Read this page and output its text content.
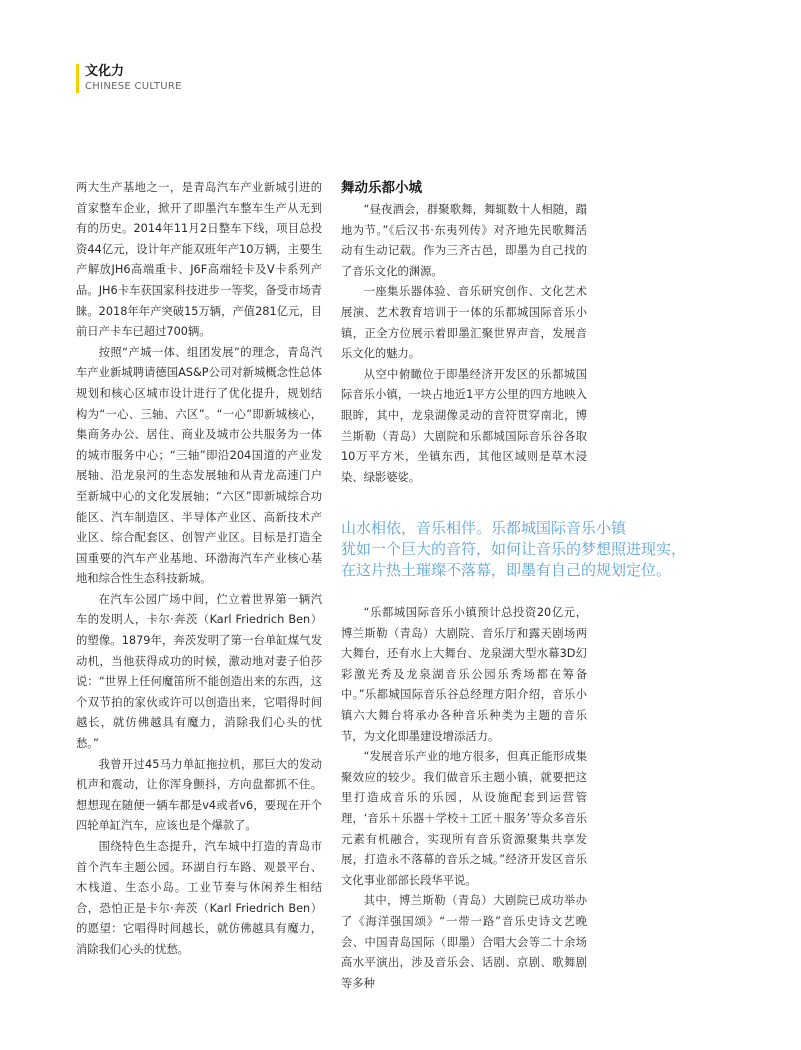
文化力
CHINESE CULTURE

两大生产基地之一，是青岛汽车产业新城引进的首家整车企业，掀开了即墨汽车整车生产从无到有的历史。2014年11月2日整车下线，项目总投资44亿元，设计年产能双班年产10万辆，主要生产解放JH6高端重卡、J6F高端轻卡及V卡系列产品。JH6卡车获国家科技进步一等奖，备受市场青睐。2018年年产突破15万辆，产值281亿元，目前日产卡车已超过700辆。

按照“产城一体、组团发展”的理念，青岛汽车产业新城聘请德国AS&P公司对新城概念性总体规划和核心区城市设计进行了优化提升，规划结构为“一心、三轴、六区”。“一心”即新城核心，集商务办公、居住、商业及城市公共服务为一体的城市服务中心；“三轴”即沿204国道的产业发展轴、沿龙泉河的生态发展轴和从青龙高速门户至新城中心的文化发展轴；“六区”即新城综合功能区、汽车制造区、半导体产业区、高新技术产业区、综合配套区、创智产业区。目标是打造全国重要的汽车产业基地、环渤海汽车产业核心基地和综合性生态科技新城。

在汽车公园广场中间，伫立着世界第一辆汽车的发明人，卡尔·奔茨（Karl Friedrich Ben）的塑像。1879年，奔茨发明了第一台单缸煤气发动机，当他获得成功的时候，激动地对妻子伯莎说：“世界上任何魔笛所不能创造出来的东西，这个双节拍的家伙或许可以创造出来，它唱得时间越长，就仿佛越具有魔力，消除我们心头的忧愁。”

我曾开过45马力单缸拖拉机，那巨大的发动机声和震动，让你浑身颤抖，方向盘都抓不住。想想现在随便一辆车都是v4或者v6，要现在开个四轮单缸汽车，应该也是个爆款了。

围绕特色生态提升，汽车城中打造的青岛市首个汽车主题公园。环湖自行车路、观景平台、木栈道、生态小岛。工业节奏与休闲养生相结合，恐怕正是卡尔·奔茨（Karl Friedrich Ben）的愿望：它唱得时间越长，就仿佛越具有魔力，消除我们心头的忧愁。

舞动乐都小城

“昼夜酒会，群聚歌舞，舞辄数十人相随，蹋地为节。”《后汉书·东夷列传》对齐地先民歌舞活动有生动记载。作为三齐古邑，即墨为自己找的了音乐文化的渊源。

一座集乐器体验、音乐研究创作、文化艺术展演、艺术教育培训于一体的乐都城国际音乐小镇，正全方位展示着即墨汇聚世界声音，发展音乐文化的魅力。

从空中俯瞰位于即墨经济开发区的乐都城国际音乐小镇，一块占地近1平方公里的四方地映入眼眸，其中，龙泉湖像灵动的音符贯穿南北，博兰斯勒（青岛）大剧院和乐都城国际音乐谷各取10万平方米，坐镇东西，其他区域则是草木浸染、绿影婆娑。

山水相依，音乐相伴。乐都城国际音乐小镇
犹如一个巨大的音符，如何让音乐的梦想照进现实，
在这片热土璀璨不落幕，即墨有自己的规划定位。

“乐都城国际音乐小镇预计总投资20亿元，博兰斯勒（青岛）大剧院、音乐厅和露天剧场两大舞台，还有水上大舞台、龙泉湖大型水幕3D幻彩激光秀及龙泉湖音乐公园乐秀场都在筹备中。”乐都城国际音乐谷总经理方阳介绍，音乐小镇六大舞台将承办各种音乐种类为主题的音乐节，为文化即墨建设增添活力。

“发展音乐产业的地方很多，但真正能形成集聚效应的较少。我们做音乐主题小镇，就要把这里打造成音乐的乐园，从设施配套到运营管理，‘音乐＋乐器＋学校＋工匠＋服务’等众多音乐元素有机融合，实现所有音乐资源聚集共享发展，打造永不落幕的音乐之城。”经济开发区音乐文化事业部部长段华平说。

其中，博兰斯勒（青岛）大剧院已成功举办了《海洋强国颂》“一带一路”音乐史诗文艺晚会、中国青岛国际（即墨）合唱大会等二十余场高水平演出，涉及音乐会、话剧、京剧、歌舞剧等多种
